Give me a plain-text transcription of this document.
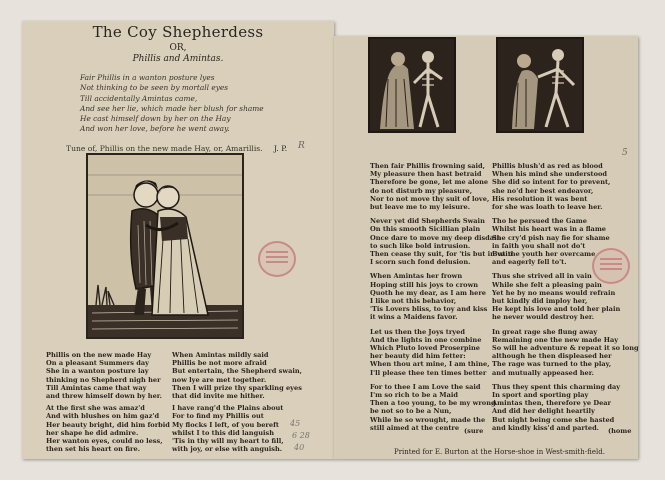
The Coy Shepherdess
OR,
Phillis and Amintas.
Fair Phillis in a wanton posture lyes
Not thinking to be seen by mortall eyes
Till accidentally Amintas came,
And see her lie, which made her blush for shame
He cast himself down by her on the Hay
And won her love, before he went away.
Tune of, Phillis on the new made Hay, or, Amarillis. J. P. R
Phillis on the new made Hay
On a pleasant Summers day
She in a wanton posture lay
thinking no Shepherd nigh her
Till Amintas came that way
and threw himself down by her.
At the first she was amaz'd
And with blushes on him gaz'd
Her beauty bright, did him forbid
her shape he did admire.
Her wanton eyes, could no less,
then set his heart on fire.
When Amintas mildly said
Phillis be not more afraid
But entertain, the Shepherd swain,
now lye are met together.
Then I will prize thy sparkling eyes
that did invite me hither.
I have rang'd the Plains about
For to find my Phillis out
My flocks I left, of you bereft
whilst I to this did languish
'Tis in thy will my heart to fill,
with joy, or else with anguish.
45
6 28
40
5
Then fair Phillis frowning said,
My pleasure then hast betraid
Therefore be gone, let me alone
do not disturb my pleasure,
Nor to not move thy suit of love,
but leave me to my leisure.
Never yet did Shepherds Swain
On this smooth Sicillian plain
Once dare to move my deep disdain
to such like bold intrusion.
Then cease thy suit, for 'tis but in vain
I scorn such fond delusion.
When Amintas her frown
Hoping still his joys to crown
Quoth he my dear, as I am here
I like not this behavior,
'Tis Lovers bliss, to toy and kiss
it wins a Maidens favor.
Let us then the Joys tryed
And the lights in one combine
Which Pluto loved Proserpine
her beauty did him fetter:
When thou art mine, I am thine,
I'll please thee ten times better
For to thee I am Love the said
I'm so rich to be a Maid
Then a too young, to be my wrong
be not so to be a Nun,
While he so wrought, made the
still aimed at the centre (sure
Phillis blush'd as red as blood
When his mind she understood
She did so intent for to prevent,
she no'd her best endeavor,
His resolution it was bent
for she was loath to leave her.
Tho he persued the Game
Whilst his heart was in a flame
She cry'd pish nay fie for shame
in faith you shall not do't
But the youth her overcame
and eagerly fell to't.
Thus she strived all in vain
While she felt a pleasing pain
Yet he by no means would refrain
but kindly did imploy her,
He kept his love and told her plain
he never would destroy her.
In great rage she flung away
Remaining one the new made Hay
So will he adventure & repeat it so long
although he then displeased her
The rage was turned to the play,
and mutually appeased her.
Thus they spent this charming day
In sport and sporting play
Amintas then, therefore ye Dear
And did her delight heartily
But night being come she hasted
and kindly kiss'd and parted.	(home
Printed for E. Burton at the Horse-shoe in West-smith-field.
